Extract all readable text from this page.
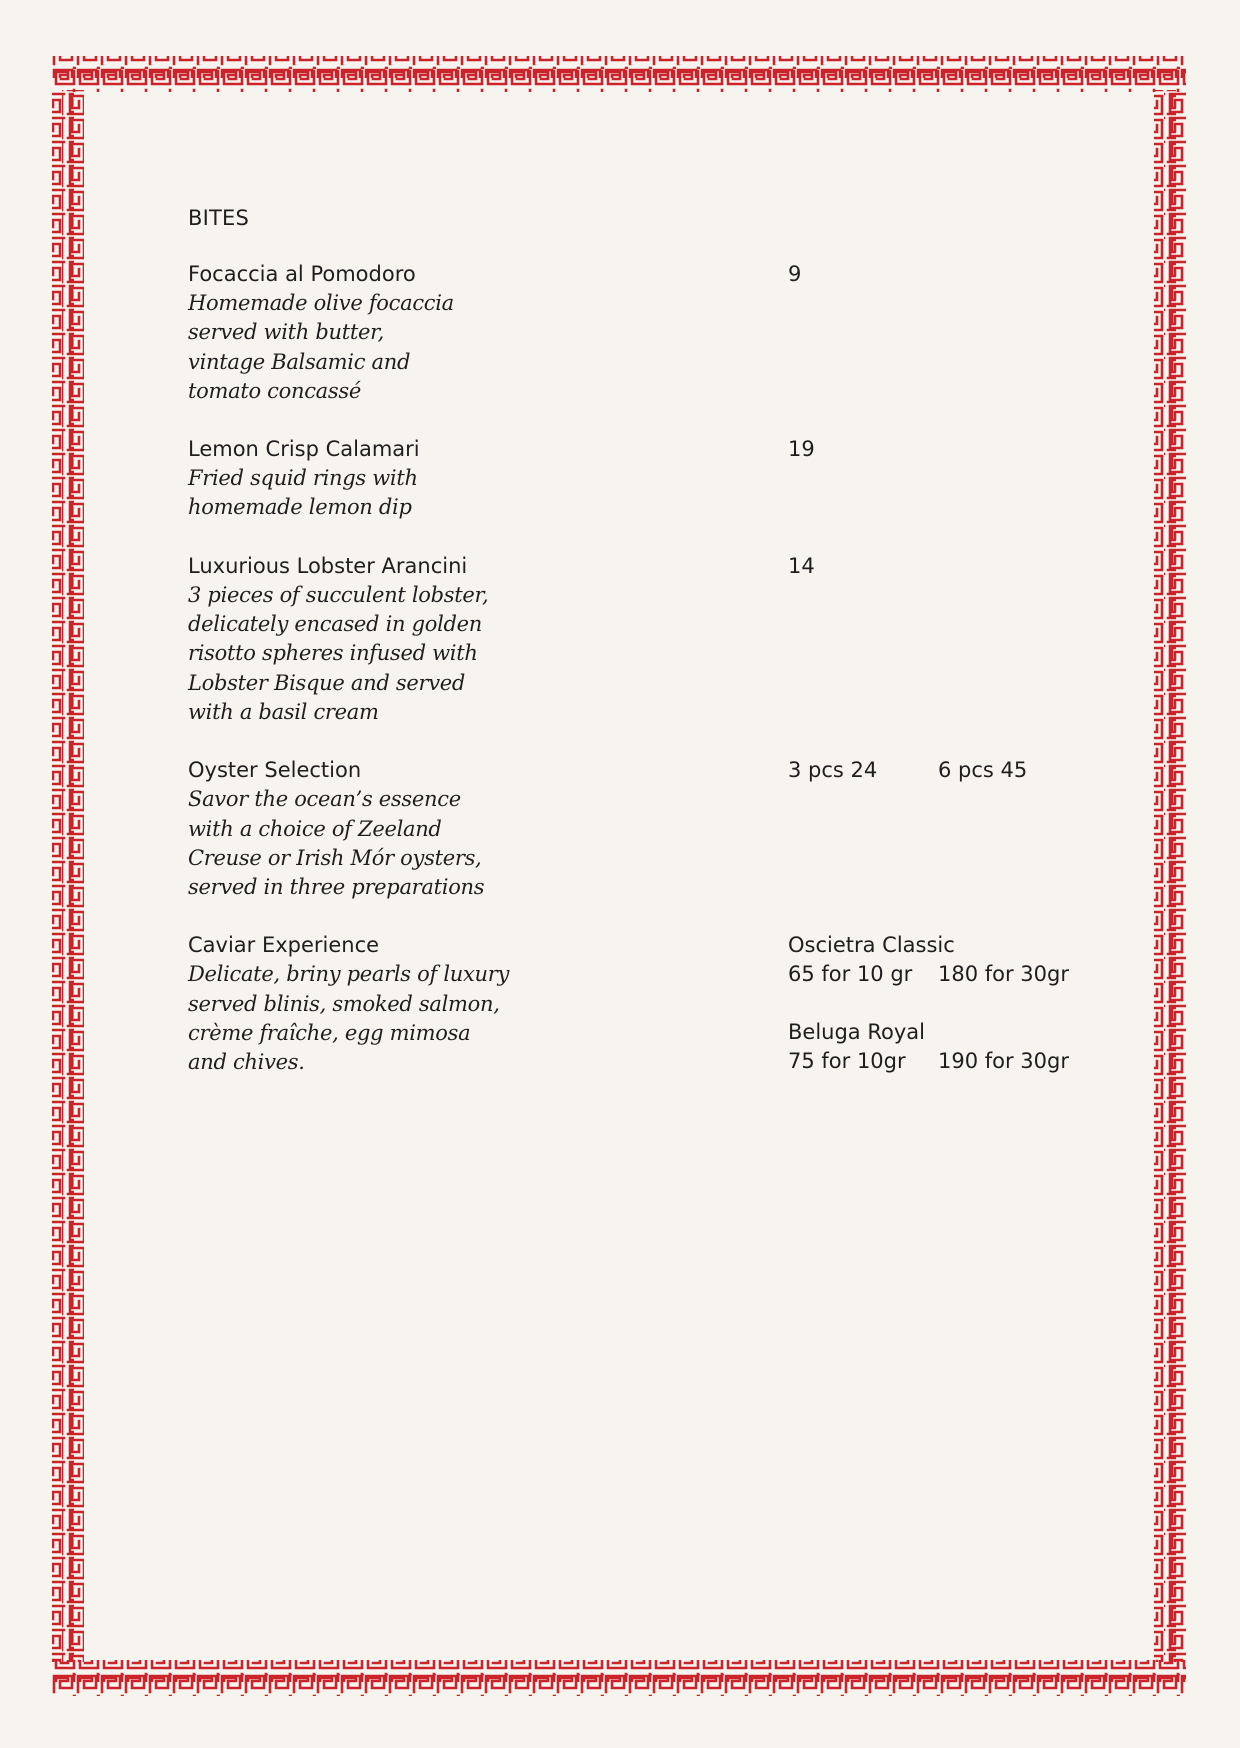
BITES
Focaccia al Pomodoro
Homemade olive focaccia
served with butter,
vintage Balsamic and
tomato concassé
9
Lemon Crisp Calamari
Fried squid rings with
homemade lemon dip
19
Luxurious Lobster Arancini
3 pieces of succulent lobster,
delicately encased in golden
risotto spheres infused with
Lobster Bisque and served
with a basil cream
14
Oyster Selection
Savor the ocean’s essence
with a choice of Zeeland
Creuse or Irish Mór oysters,
served in three preparations
3 pcs 24	6 pcs 45
Caviar Experience
Delicate, briny pearls of luxury
served blinis, smoked salmon,
crème fraîche, egg mimosa
and chives.
Oscietra Classic
65 for 10 gr	180 for 30gr
Beluga Royal
75 for 10gr	190 for 30gr
